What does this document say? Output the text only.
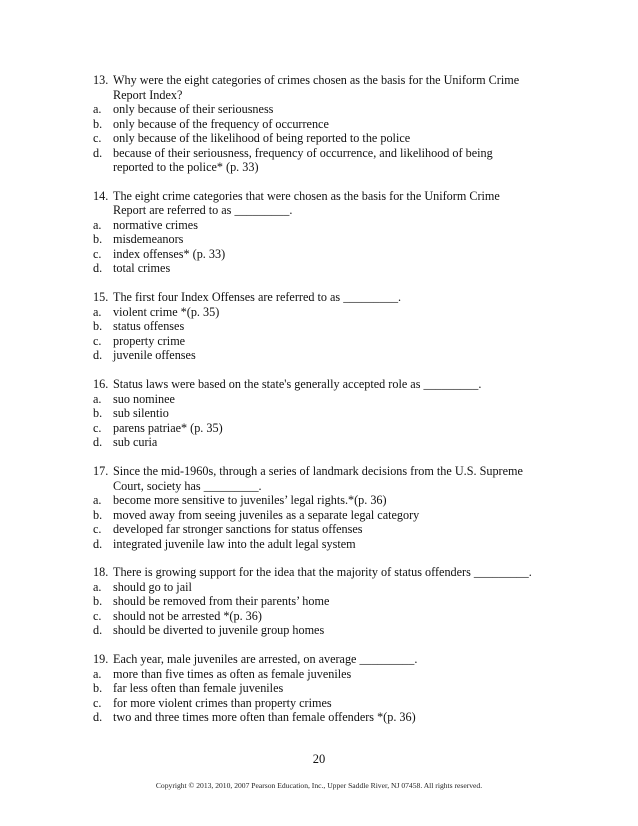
13. Why were the eight categories of crimes chosen as the basis for the Uniform Crime Report Index?
a. only because of their seriousness
b. only because of the frequency of occurrence
c. only because of the likelihood of being reported to the police
d. because of their seriousness, frequency of occurrence, and likelihood of being reported to the police* (p. 33)
14. The eight crime categories that were chosen as the basis for the Uniform Crime Report are referred to as _________.
a. normative crimes
b. misdemeanors
c. index offenses* (p. 33)
d. total crimes
15. The first four Index Offenses are referred to as _________.
a. violent crime *(p. 35)
b. status offenses
c. property crime
d. juvenile offenses
16. Status laws were based on the state's generally accepted role as _________.
a. suo nominee
b. sub silentio
c. parens patriae* (p. 35)
d. sub curia
17. Since the mid-1960s, through a series of landmark decisions from the U.S. Supreme Court, society has _________.
a. become more sensitive to juveniles’ legal rights.*(p. 36)
b. moved away from seeing juveniles as a separate legal category
c. developed far stronger sanctions for status offenses
d. integrated juvenile law into the adult legal system
18. There is growing support for the idea that the majority of status offenders _________.
a. should go to jail
b. should be removed from their parents’ home
c. should not be arrested *(p. 36)
d. should be diverted to juvenile group homes
19. Each year, male juveniles are arrested, on average _________.
a. more than five times as often as female juveniles
b. far less often than female juveniles
c. for more violent crimes than property crimes
d. two and three times more often than female offenders *(p. 36)
20
Copyright © 2013, 2010, 2007 Pearson Education, Inc., Upper Saddle River, NJ 07458. All rights reserved.
